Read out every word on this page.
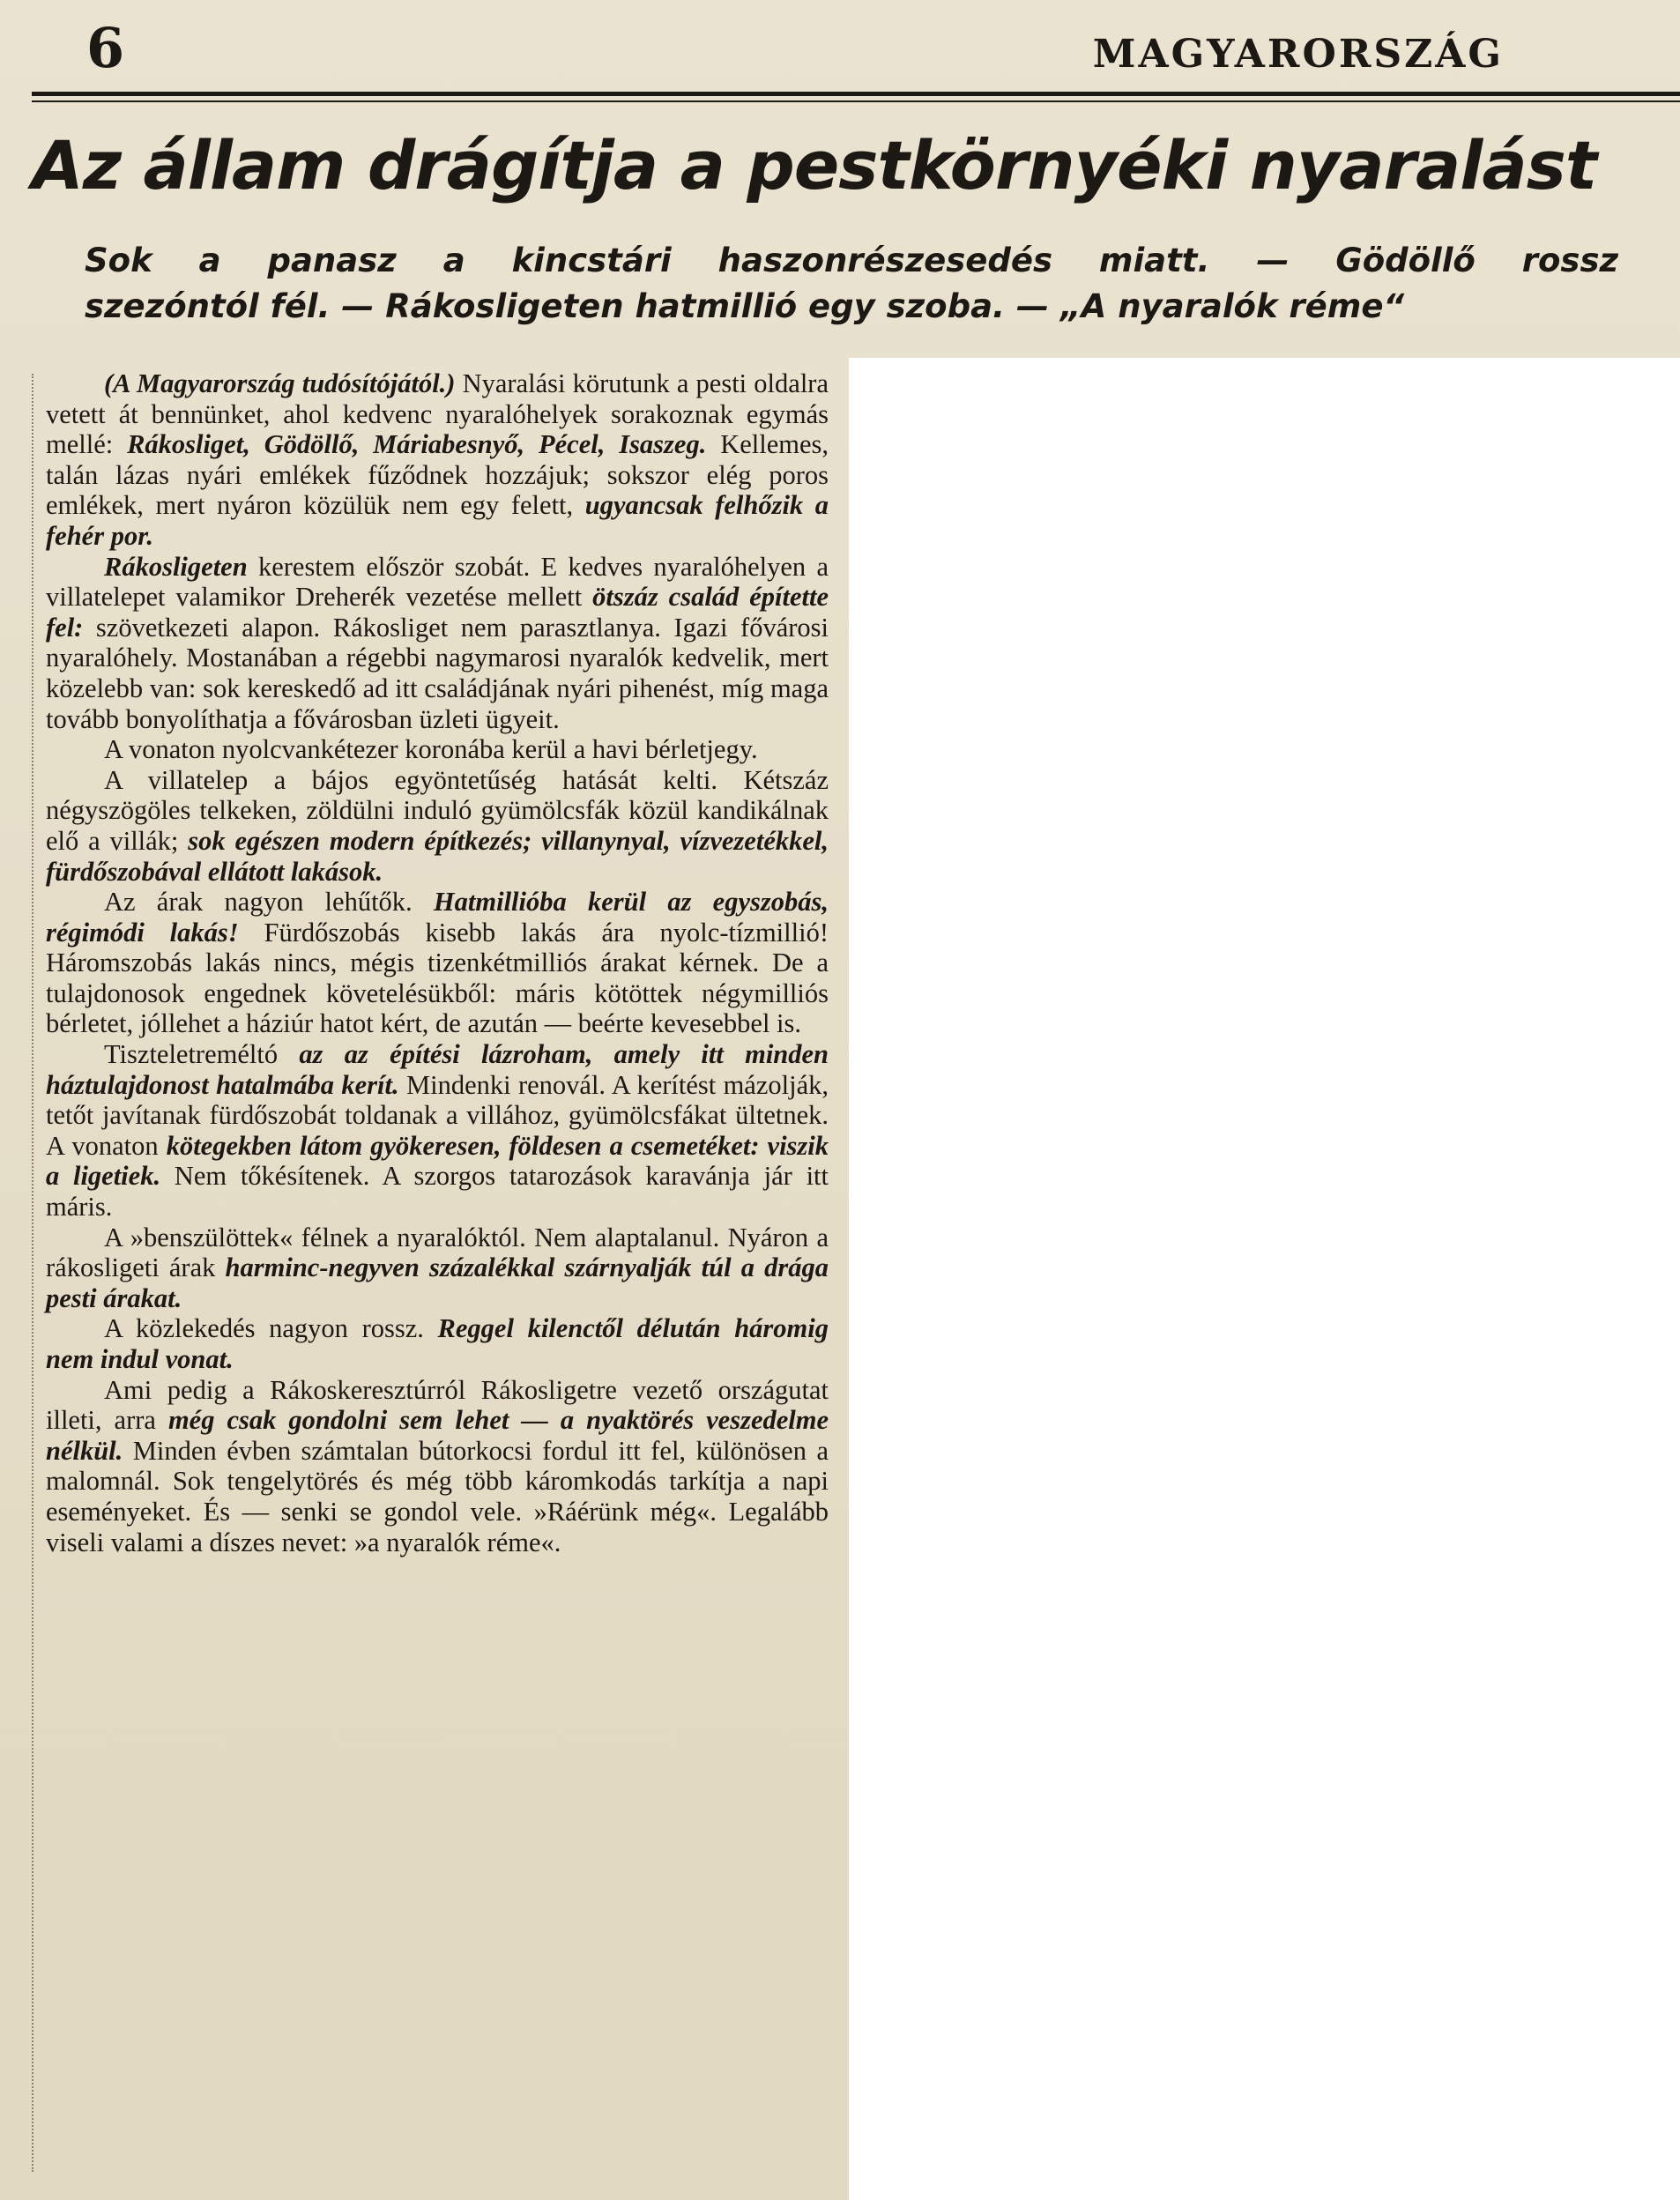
6	MAGYARORSZÁG
Az állam drágítja a pestkörnyéki nyaralást
Sok a panasz a kincstári haszonrészesedés miatt. — Gödöllő rossz
szezóntól fél. — Rákosligeten hatmillió egy szoba. — „A nyaralók réme“

(A Magyarország tudósítójától.) Nyaralási körutunk a pesti oldalra vetett át bennünket, ahol kedvenc nyaralóhelyek sorakoznak egymás mellé: Rákosliget, Gödöllő, Máriabesnyő, Pécel, Isaszeg. Kellemes, talán lázas nyári emlékek fűződnek hozzájuk; sokszor elég poros emlékek, mert nyáron közülük nem egy felett, ugyancsak felhőzik a fehér por.

Rákosligeten kerestem először szobát. E kedves nyaralóhelyen a villatelepet valamikor Dreherék vezetése mellett ötszáz család építette fel: szövetkezeti alapon. Rákosliget nem parasztlanya. Igazi fővárosi nyaralóhely. Mostanában a régebbi nagymarosi nyaralók kedvelik, mert közelebb van: sok kereskedő ad itt családjának nyári pihenést, míg maga tovább bonyolíthatja a fővárosban üzleti ügyeit.

A vonaton nyolcvankétezer koronába kerül a havi bérletjegy.

A villatelep a bájos egyöntetűség hatását kelti. Kétszáz négyszögöles telkeken, zöldülni induló gyümölcsfák közül kandikálnak elő a villák; sok egészen modern építkezés; villanynyal, vízvezetékkel, fürdőszobával ellátott lakások.

Az árak nagyon lehűtők. Hatmillióba kerül az egyszobás, régimódi lakás! Fürdőszobás kisebb lakás ára nyolc-tízmillió! Háromszobás lakás nincs, mégis tizenkétmilliós árakat kérnek. De a tulajdonosok engednek követelésükből: máris kötöttek négymilliós bérletet, jóllehet a háziúr hatot kért, de azután — beérte kevesebbel is.

Tiszteletreméltó az az építési lázroham, amely itt minden háztulajdonost hatalmába kerít. Mindenki renovál. A kerítést mázolják, tetőt javítanak fürdőszobát toldanak a villához, gyümölcsfákat ültetnek. A vonaton kötegekben látom gyökeresen, földesen a csemetéket: viszik a ligetiek. Nem tőkésítenek. A szorgos tatarozások karavánja jár itt máris.

A »benszülöttek« félnek a nyaralóktól. Nem alaptalanul. Nyáron a rákosligeti árak harminc-negyven százalékkal szárnyalják túl a drága pesti árakat.

A közlekedés nagyon rossz. Reggel kilenctől délután háromig nem indul vonat.

Ami pedig a Rákoskeresztúrról Rákosligetre vezető országutat illeti, arra még csak gondolni sem lehet — a nyaktörés veszedelme nélkül. Minden évben számtalan bútorkocsi fordul itt fel, különösen a malomnál. Sok tengelytörés és még több káromkodás tarkítja a napi eseményeket. És — senki se gondol vele. »Ráérünk még«. Legalább viseli valami a díszes nevet: »a nyaralók réme«.
